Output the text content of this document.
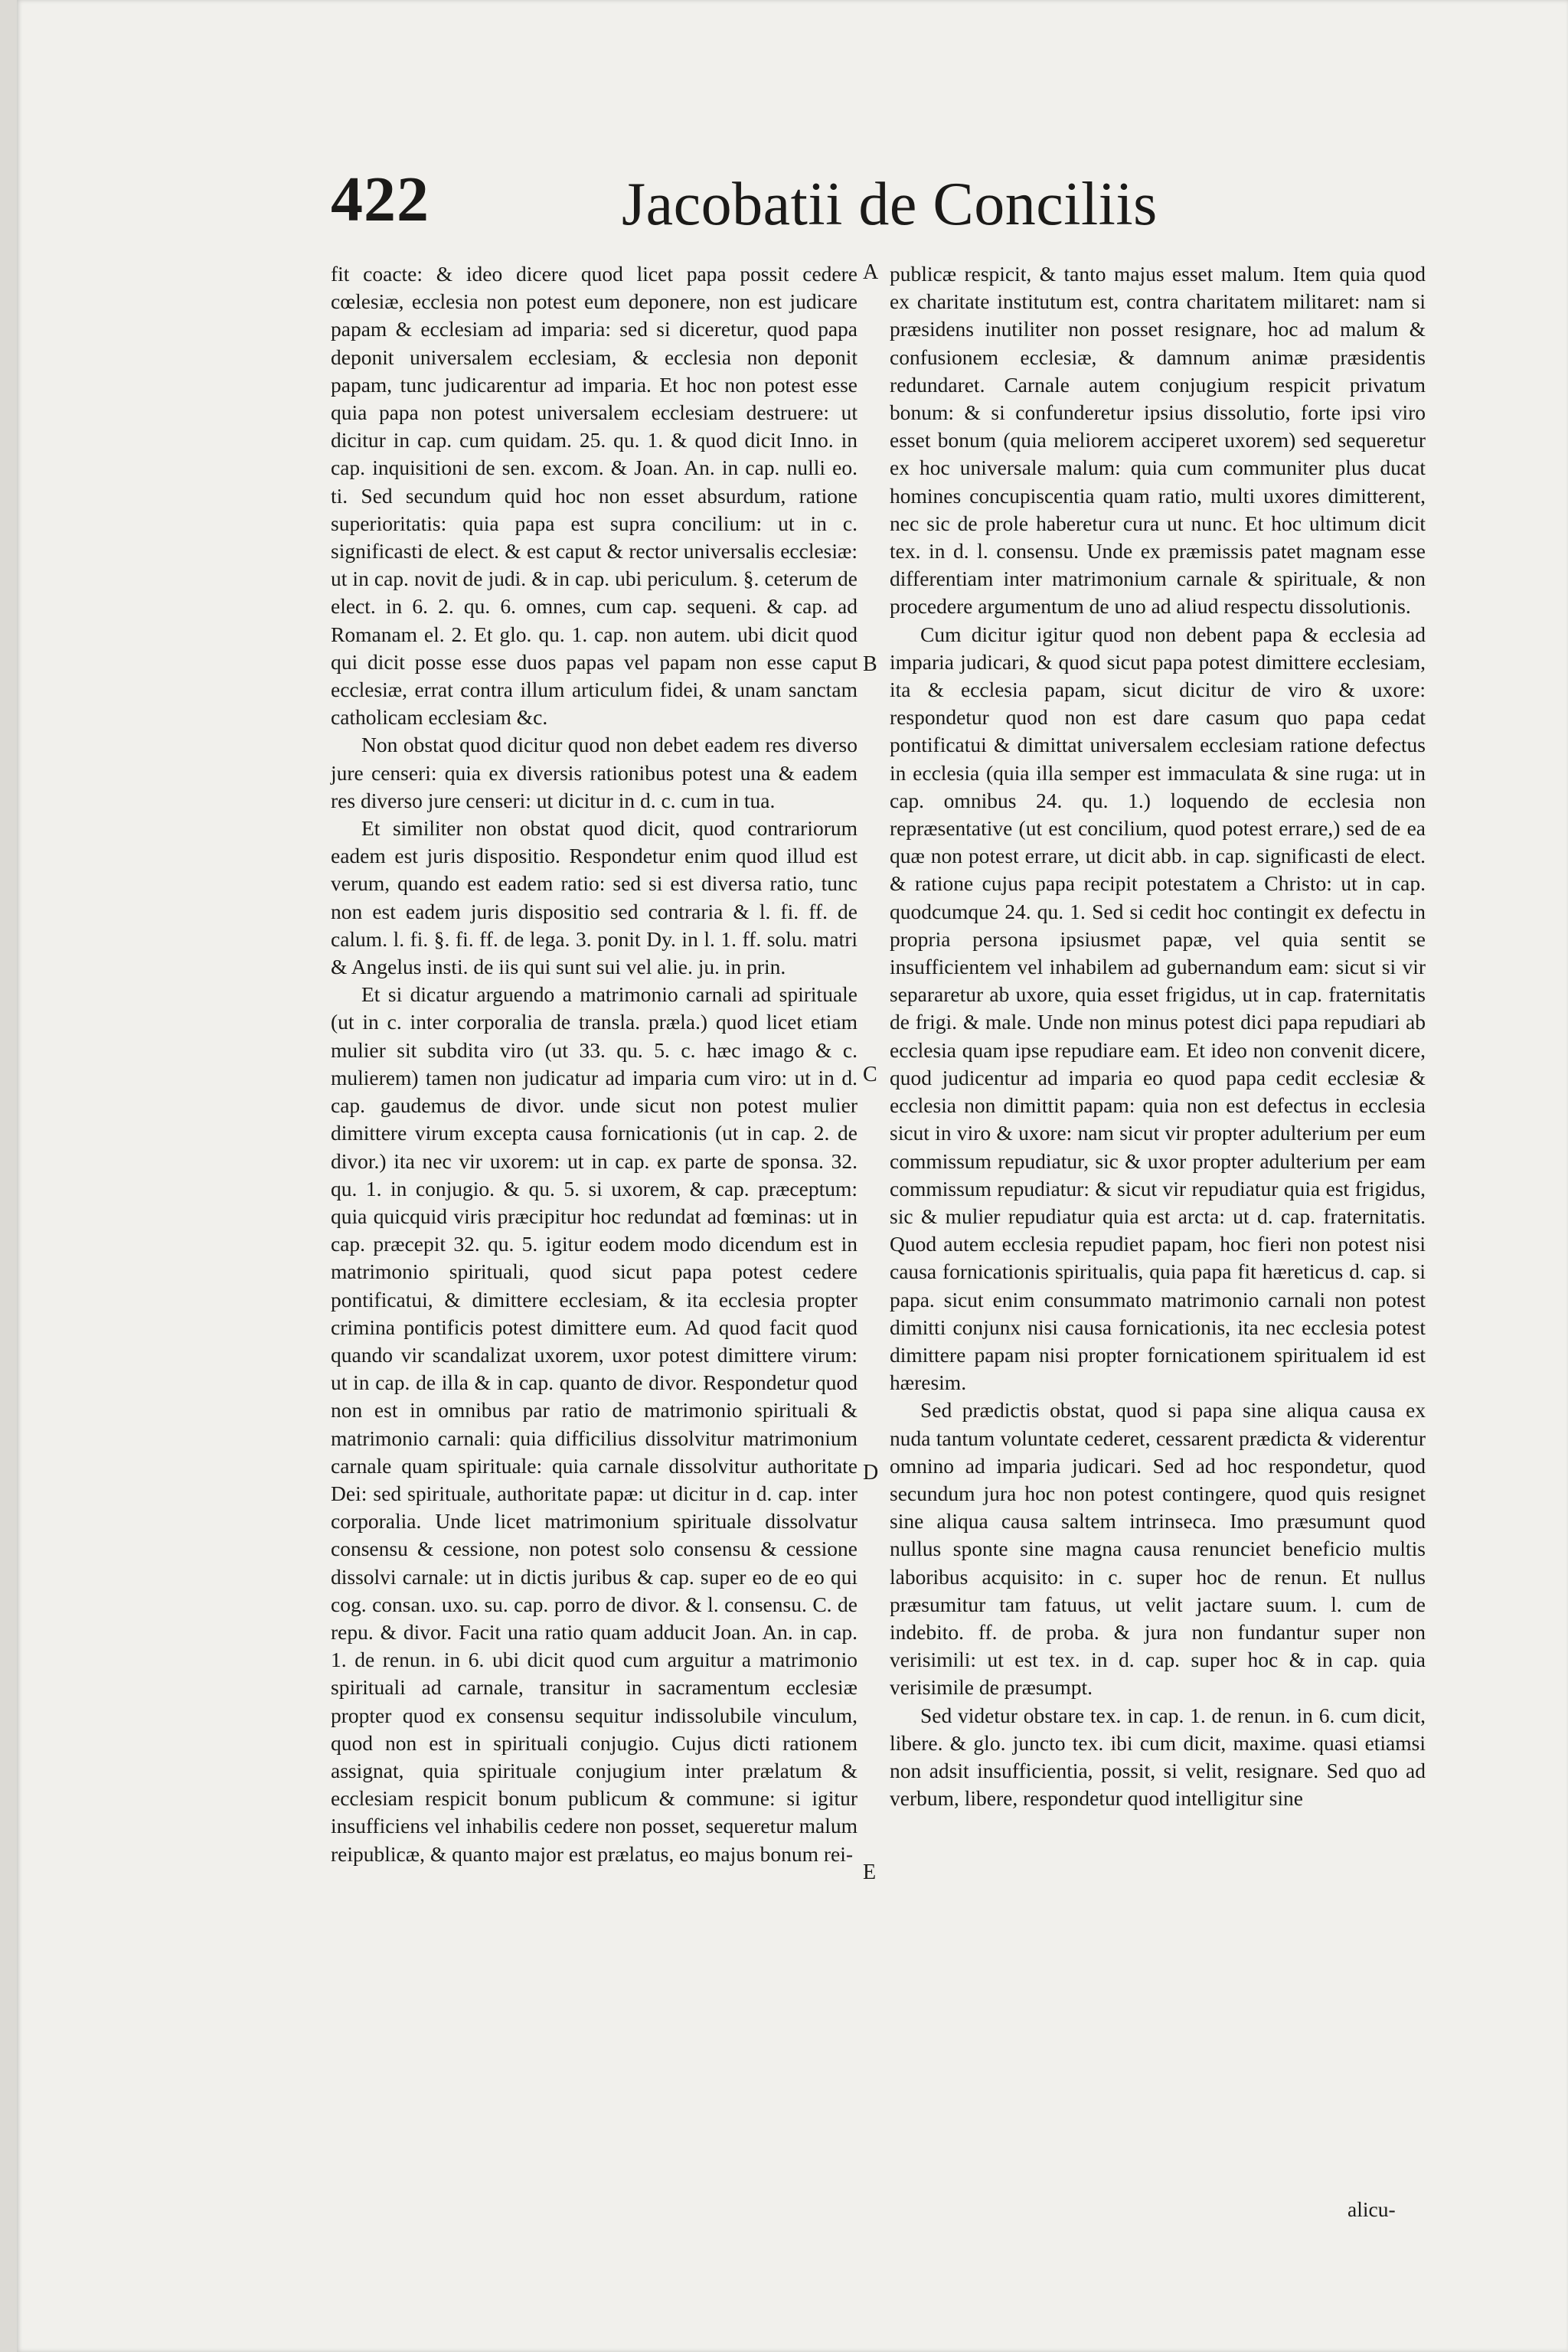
422	Jacobatii de Conciliis

fit coacte: & ideo dicere quod licet papa possit cedere cœlesiæ, ecclesia non potest eum deponere, non est judicare papam & ecclesiam ad imparia: sed si diceretur, quod papa deponit universalem ecclesiam, & ecclesia non deponit papam, tunc judicarentur ad imparia. Et hoc non potest esse quia papa non potest universalem ecclesiam destruere: ut dicitur in cap. cum quidam. 25. qu. 1. & quod dicit Inno. in cap. inquisitioni de sen. excom. & Joan. An. in cap. nulli eo. ti. Sed secundum quid hoc non esset absurdum, ratione superioritatis: quia papa est supra concilium: ut in c. significasti de elect. & est caput & rector universalis ecclesiæ: ut in cap. novit de judi. & in cap. ubi periculum. §. ceterum de elect. in 6. 2. qu. 6. omnes, cum cap. sequeni. & cap. ad Romanam el. 2. Et glo. qu. 1. cap. non autem. ubi dicit quod qui dicit posse esse duos papas vel papam non esse caput ecclesiæ, errat contra illum articulum fidei, & unam sanctam catholicam ecclesiam &c.

Non obstat quod dicitur quod non debet eadem res diverso jure censeri: quia ex diversis rationibus potest una & eadem res diverso jure censeri: ut dicitur in d. c. cum in tua.

Et similiter non obstat quod dicit, quod contrariorum eadem est juris dispositio. Respondetur enim quod illud est verum, quando est eadem ratio: sed si est diversa ratio, tunc non est eadem juris dispositio sed contraria & l. fi. ff. de calum. l. fi. §. fi. ff. de lega. 3. ponit Dy. in l. 1. ff. solu. matri & Angelus insti. de iis qui sunt sui vel alie. ju. in prin.

Et si dicatur arguendo a matrimonio carnali ad spirituale (ut in c. inter corporalia de transla. præla.) quod licet etiam mulier sit subdita viro (ut 33. qu. 5. c. hæc imago & c. mulierem) tamen non judicatur ad imparia cum viro: ut in d. cap. gaudemus de divor. unde sicut non potest mulier dimittere virum excepta causa fornicationis (ut in cap. 2. de divor.) ita nec vir uxorem: ut in cap. ex parte de sponsa. 32. qu. 1. in conjugio. & qu. 5. si uxorem, & cap. præceptum: quia quicquid viris præcipitur hoc redundat ad fœminas: ut in cap. præcepit 32. qu. 5. igitur eodem modo dicendum est in matrimonio spirituali, quod sicut papa potest cedere pontificatui, & dimittere ecclesiam, & ita ecclesia propter crimina pontificis potest dimittere eum. Ad quod facit quod quando vir scandalizat uxorem, uxor potest dimittere virum: ut in cap. de illa & in cap. quanto de divor. Respondetur quod non est in omnibus par ratio de matrimonio spirituali & matrimonio carnali: quia difficilius dissolvitur matrimonium carnale quam spirituale: quia carnale dissolvitur authoritate Dei: sed spirituale, authoritate papæ: ut dicitur in d. cap. inter corporalia. Unde licet matrimonium spirituale dissolvatur consensu & cessione, non potest solo consensu & cessione dissolvi carnale: ut in dictis juribus & cap. super eo de eo qui cog. consan. uxo. su. cap. porro de divor. & l. consensu. C. de repu. & divor. Facit una ratio quam adducit Joan. An. in cap. 1. de renun. in 6. ubi dicit quod cum arguitur a matrimonio spirituali ad carnale, transitur in sacramentum ecclesiæ propter quod ex consensu sequitur indissolubile vinculum, quod non est in spirituali conjugio. Cujus dicti rationem assignat, quia spirituale conjugium inter prælatum & ecclesiam respicit bonum publicum & commune: si igitur insufficiens vel inhabilis cedere non posset, sequeretur malum reipublicæ, & quanto major est prælatus, eo majus bonum rei-

A
B
C
D
E

publicæ respicit, & tanto majus esset malum. Item quia quod ex charitate institutum est, contra charitatem militaret: nam si præsidens inutiliter non posset resignare, hoc ad malum & confusionem ecclesiæ, & damnum animæ præsidentis redundaret. Carnale autem conjugium respicit privatum bonum: & si confunderetur ipsius dissolutio, forte ipsi viro esset bonum (quia meliorem acciperet uxorem) sed sequeretur ex hoc universale malum: quia cum communiter plus ducat homines concupiscentia quam ratio, multi uxores dimitterent, nec sic de prole haberetur cura ut nunc. Et hoc ultimum dicit tex. in d. l. consensu. Unde ex præmissis patet magnam esse differentiam inter matrimonium carnale & spirituale, & non procedere argumentum de uno ad aliud respectu dissolutionis.

Cum dicitur igitur quod non debent papa & ecclesia ad imparia judicari, & quod sicut papa potest dimittere ecclesiam, ita & ecclesia papam, sicut dicitur de viro & uxore: respondetur quod non est dare casum quo papa cedat pontificatui & dimittat universalem ecclesiam ratione defectus in ecclesia (quia illa semper est immaculata & sine ruga: ut in cap. omnibus 24. qu. 1.) loquendo de ecclesia non repræsentative (ut est concilium, quod potest errare,) sed de ea quæ non potest errare, ut dicit abb. in cap. significasti de elect. & ratione cujus papa recipit potestatem a Christo: ut in cap. quodcumque 24. qu. 1. Sed si cedit hoc contingit ex defectu in propria persona ipsiusmet papæ, vel quia sentit se insufficientem vel inhabilem ad gubernandum eam: sicut si vir separaretur ab uxore, quia esset frigidus, ut in cap. fraternitatis de frigi. & male. Unde non minus potest dici papa repudiari ab ecclesia quam ipse repudiare eam. Et ideo non convenit dicere, quod judicentur ad imparia eo quod papa cedit ecclesiæ & ecclesia non dimittit papam: quia non est defectus in ecclesia sicut in viro & uxore: nam sicut vir propter adulterium per eum commissum repudiatur, sic & uxor propter adulterium per eam commissum repudiatur: & sicut vir repudiatur quia est frigidus, sic & mulier repudiatur quia est arcta: ut d. cap. fraternitatis. Quod autem ecclesia repudiet papam, hoc fieri non potest nisi causa fornicationis spiritualis, quia papa fit hæreticus d. cap. si papa. sicut enim consummato matrimonio carnali non potest dimitti conjunx nisi causa fornicationis, ita nec ecclesia potest dimittere papam nisi propter fornicationem spiritualem id est hæresim.

Sed prædictis obstat, quod si papa sine aliqua causa ex nuda tantum voluntate cederet, cessarent prædicta & viderentur omnino ad imparia judicari. Sed ad hoc respondetur, quod secundum jura hoc non potest contingere, quod quis resignet sine aliqua causa saltem intrinseca. Imo præsumunt quod nullus sponte sine magna causa renunciet beneficio multis laboribus acquisito: in c. super hoc de renun. Et nullus præsumitur tam fatuus, ut velit jactare suum. l. cum de indebito. ff. de proba. & jura non fundantur super non verisimili: ut est tex. in d. cap. super hoc & in cap. quia verisimile de præsumpt.

Sed videtur obstare tex. in cap. 1. de renun. in 6. cum dicit, libere. & glo. juncto tex. ibi cum dicit, maxime. quasi etiamsi non adsit insufficientia, possit, si velit, resignare. Sed quo ad verbum, libere, respondetur quod intelligitur sine

alicu-
